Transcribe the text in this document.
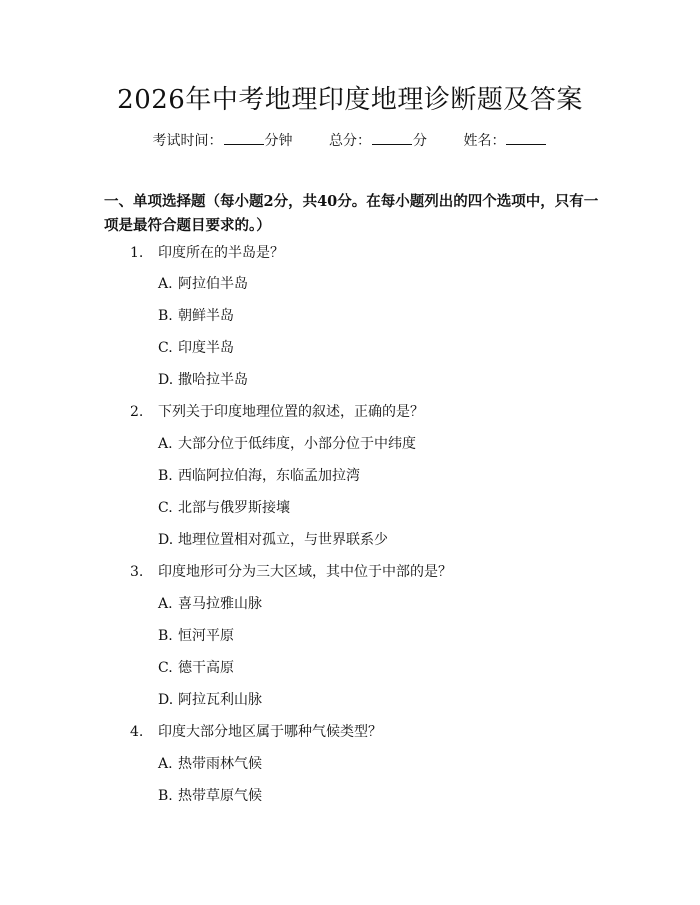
2026年中考地理印度地理诊断题及答案
考试时间：	分钟	总分：	分	姓名：

一、单项选择题（每小题2分，共40分。在每小题列出的四个选项中，只有一项是最符合题目要求的。）

1. 印度所在的半岛是？
A. 阿拉伯半岛
B. 朝鲜半岛
C. 印度半岛
D. 撒哈拉半岛
2. 下列关于印度地理位置的叙述，正确的是？
A. 大部分位于低纬度，小部分位于中纬度
B. 西临阿拉伯海，东临孟加拉湾
C. 北部与俄罗斯接壤
D. 地理位置相对孤立，与世界联系少
3. 印度地形可分为三大区域，其中位于中部的是？
A. 喜马拉雅山脉
B. 恒河平原
C. 德干高原
D. 阿拉瓦利山脉
4. 印度大部分地区属于哪种气候类型？
A. 热带雨林气候
B. 热带草原气候
